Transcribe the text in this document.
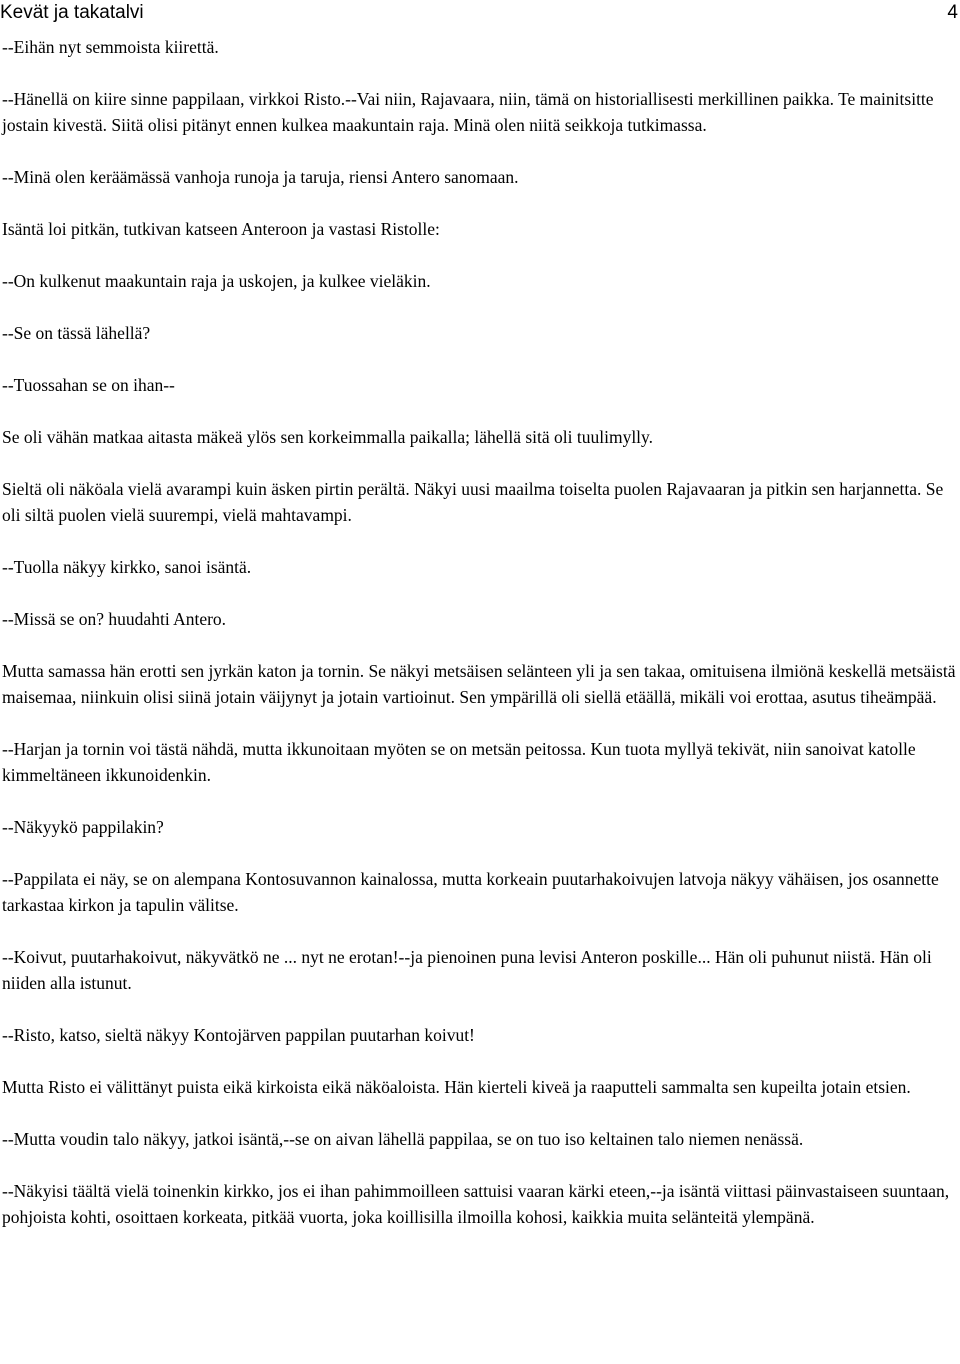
Kevät ja takatalvi	4

--Eihän nyt semmoista kiirettä.

--Hänellä on kiire sinne pappilaan, virkkoi Risto.--Vai niin, Rajavaara, niin, tämä on historiallisesti merkillinen paikka. Te mainitsitte jostain kivestä. Siitä olisi pitänyt ennen kulkea maakuntain raja. Minä olen niitä seikkoja tutkimassa.

--Minä olen keräämässä vanhoja runoja ja taruja, riensi Antero sanomaan.

Isäntä loi pitkän, tutkivan katseen Anteroon ja vastasi Ristolle:

--On kulkenut maakuntain raja ja uskojen, ja kulkee vieläkin.

--Se on tässä lähellä?

--Tuossahan se on ihan--

Se oli vähän matkaa aitasta mäkeä ylös sen korkeimmalla paikalla; lähellä sitä oli tuulimylly.

Sieltä oli näköala vielä avarampi kuin äsken pirtin perältä. Näkyi uusi maailma toiselta puolen Rajavaaran ja pitkin sen harjannetta. Se oli siltä puolen vielä suurempi, vielä mahtavampi.

--Tuolla näkyy kirkko, sanoi isäntä.

--Missä se on? huudahti Antero.

Mutta samassa hän erotti sen jyrkän katon ja tornin. Se näkyi metsäisen selänteen yli ja sen takaa, omituisena ilmiönä keskellä metsäistä maisemaa, niinkuin olisi siinä jotain väijynyt ja jotain vartioinut. Sen ympärillä oli siellä etäällä, mikäli voi erottaa, asutus tiheämpää.

--Harjan ja tornin voi tästä nähdä, mutta ikkunoitaan myöten se on metsän peitossa. Kun tuota myllyä tekivät, niin sanoivat katolle kimmeltäneen ikkunoidenkin.

--Näkyykö pappilakin?

--Pappilata ei näy, se on alempana Kontosuvannon kainalossa, mutta korkeain puutarhakoivujen latvoja näkyy vähäisen, jos osannette tarkastaa kirkon ja tapulin välitse.

--Koivut, puutarhakoivut, näkyvätkö ne ... nyt ne erotan!--ja pienoinen puna levisi Anteron poskille... Hän oli puhunut niistä. Hän oli niiden alla istunut.

--Risto, katso, sieltä näkyy Kontojärven pappilan puutarhan koivut!

Mutta Risto ei välittänyt puista eikä kirkoista eikä näköaloista. Hän kierteli kiveä ja raaputteli sammalta sen kupeilta jotain etsien.

--Mutta voudin talo näkyy, jatkoi isäntä,--se on aivan lähellä pappilaa, se on tuo iso keltainen talo niemen nenässä.

--Näkyisi täältä vielä toinenkin kirkko, jos ei ihan pahimmoilleen sattuisi vaaran kärki eteen,--ja isäntä viittasi päinvastaiseen suuntaan, pohjoista kohti, osoittaen korkeata, pitkää vuorta, joka koillisilla ilmoilla kohosi, kaikkia muita selänteitä ylempänä.
